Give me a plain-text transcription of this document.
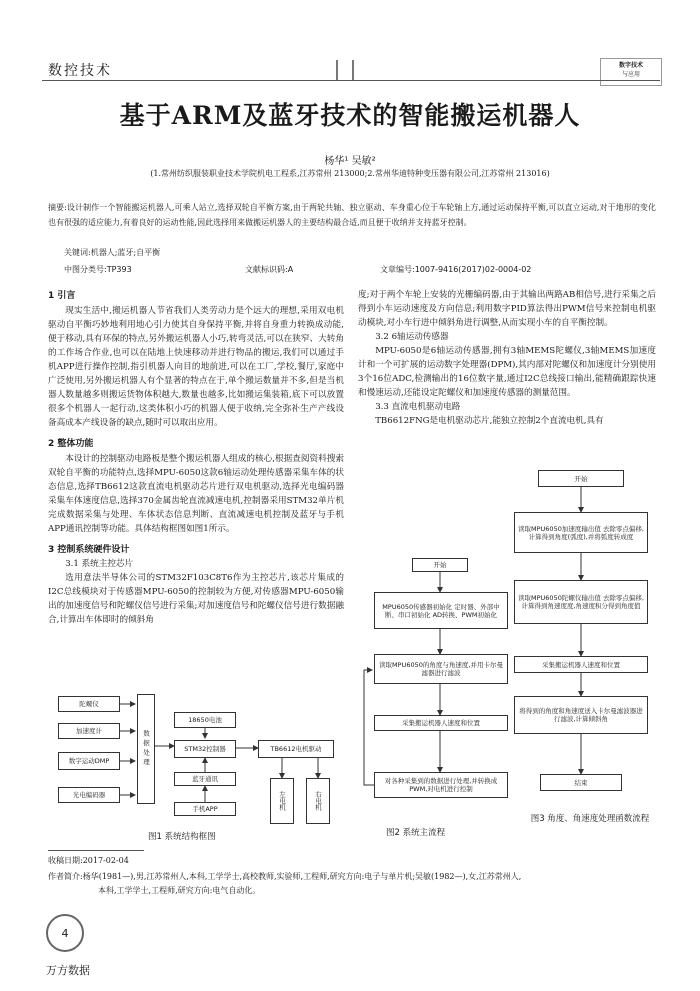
数控技术	数字技术
与应用
基于ARM及蓝牙技术的智能搬运机器人
杨华¹ 吴敏²
(1.常州纺织服装职业技术学院机电工程系,江苏常州 213000;2.常州华迪特种变压器有限公司,江苏常州 213016)
摘要:设计制作一个智能搬运机器人,可乘人站立,选择双轮自平衡方案,由于两轮共轴、独立驱动、车身重心位于车轮轴上方,通过运动保持平衡,可以直立运动,对于地形的变化也有很强的适应能力,有着良好的运动性能,因此选择用来做搬运机器人的主要结构最合适,而且便于收纳并支持蓝牙控制。
关键词:机器人;蓝牙;自平衡
中图分类号:TP393	文献标识码:A	文章编号:1007-9416(2017)02-0004-02
1 引言
现实生活中,搬运机器人节省我们人类劳动力是个远大的理想,采用双电机驱动自平衡巧妙地利用地心引力使其自身保持平衡,并将自身重力转换成动能,便于移动,具有环保的特点,另外搬运机器人小巧,转弯灵活,可以在狭窄、大转角的工作场合作业,也可以在陆地上快速移动并进行物品的搬运,我们可以通过手机APP进行操作控制,指引机器人向目的地前进,可以在工厂,学校,餐厅,家庭中广泛使用,另外搬运机器人有个显著的特点在于,单个搬运数量并不多,但是当机器人数量越多则搬运货物体积越大,数量也越多,比如搬运集装箱,底下可以放置很多个机器人一起行动,这类体积小巧的机器人便于收纳,完全弥补生产产线设备高成本产线设备的缺点,随时可以取出应用。
2 整体功能
本设计的控制驱动电路板是整个搬运机器人组成的核心,根据查阅资料搜索双轮自平衡的功能特点,选择MPU-6050这款6轴运动处理传感器采集车体的状态信息,选择TB6612这款直流电机驱动芯片进行双电机驱动,选择光电编码器采集车体速度信息,选择370金属齿轮直流减速电机,控制器采用STM32单片机完成数据采集与处理、车体状态信息判断、直流减速电机控制及蓝牙与手机APP通讯控制等功能。具体结构框图如图1所示。
3 控制系统硬件设计
3.1 系统主控芯片
选用意法半导体公司的STM32F103C8T6作为主控芯片,该芯片集成的I2C总线模块对于传感器MPU-6050的控制较为方便,对传感器MPU-6050输出的加速度信号和陀螺仪信号进行采集;对加速度信号和陀螺仪信号进行数据融合,计算出车体即时的倾斜角
度;对于两个车轮上安装的光栅编码器,由于其输出两路AB相信号,进行采集之后得到小车运动速度及方向信息;利用数字PID算法得出PWM信号来控制电机驱动模块,对小车行进中倾斜角进行调整,从而实现小车的自平衡控制。
3.2 6轴运动传感器
MPU-6050是6轴运动传感器,拥有3轴MEMS陀螺仪,3轴MEMS加速度计和一个可扩展的运动数字处理器(DPM),其内部对陀螺仪和加速度计分别使用3个16位ADC,检测输出的16位数字量,通过I2C总线接口输出,能精确跟踪快速和慢速运动,还能设定陀螺仪和加速度传感器的测量范围。
3.3 直流电机驱动电路
TB6612FNG是电机驱动芯片,能独立控制2个直流电机,具有
陀螺仪
加速度计
数字运动DMP
光电编码器
数据处理
18650电池
STM32控制器	TB6612电机驱动
蓝牙通讯
手机APP	左电机	右电机
图1 系统结构框图
开始
MPU6050传感器初始化 定时器、外部中断、串口初始化 AD转换、PWM初始化
读取MPU6050的角度与角速度,并用卡尔曼滤器进行滤波
采集搬运机器人速度和位置
对各种采集到的数据进行处理,并转换成PWM,对电机进行控制
图2 系统主流程
开始
读取MPU6050加速度输出值 去除零点偏移,计算得到角度(弧度),并将弧度转成度
读取MPU6050陀螺仪输出值 去除零点偏移,计算得到角速度度,角速度积分得到角度值
采集搬运机器人速度和位置
将得到的角度和角速度送入卡尔曼滤波器进行滤波,计算倾斜角
结束
图3 角度、角速度处理函数流程
收稿日期:2017-02-04
作者简介:杨华(1981—),男,江苏常州人,本科,工学学士,高校教师,实验师,工程师,研究方向:电子与单片机;吴敏(1982—),女,江苏常州人,
本科,工学学士,工程师,研究方向:电气自动化。
4
万方数据
